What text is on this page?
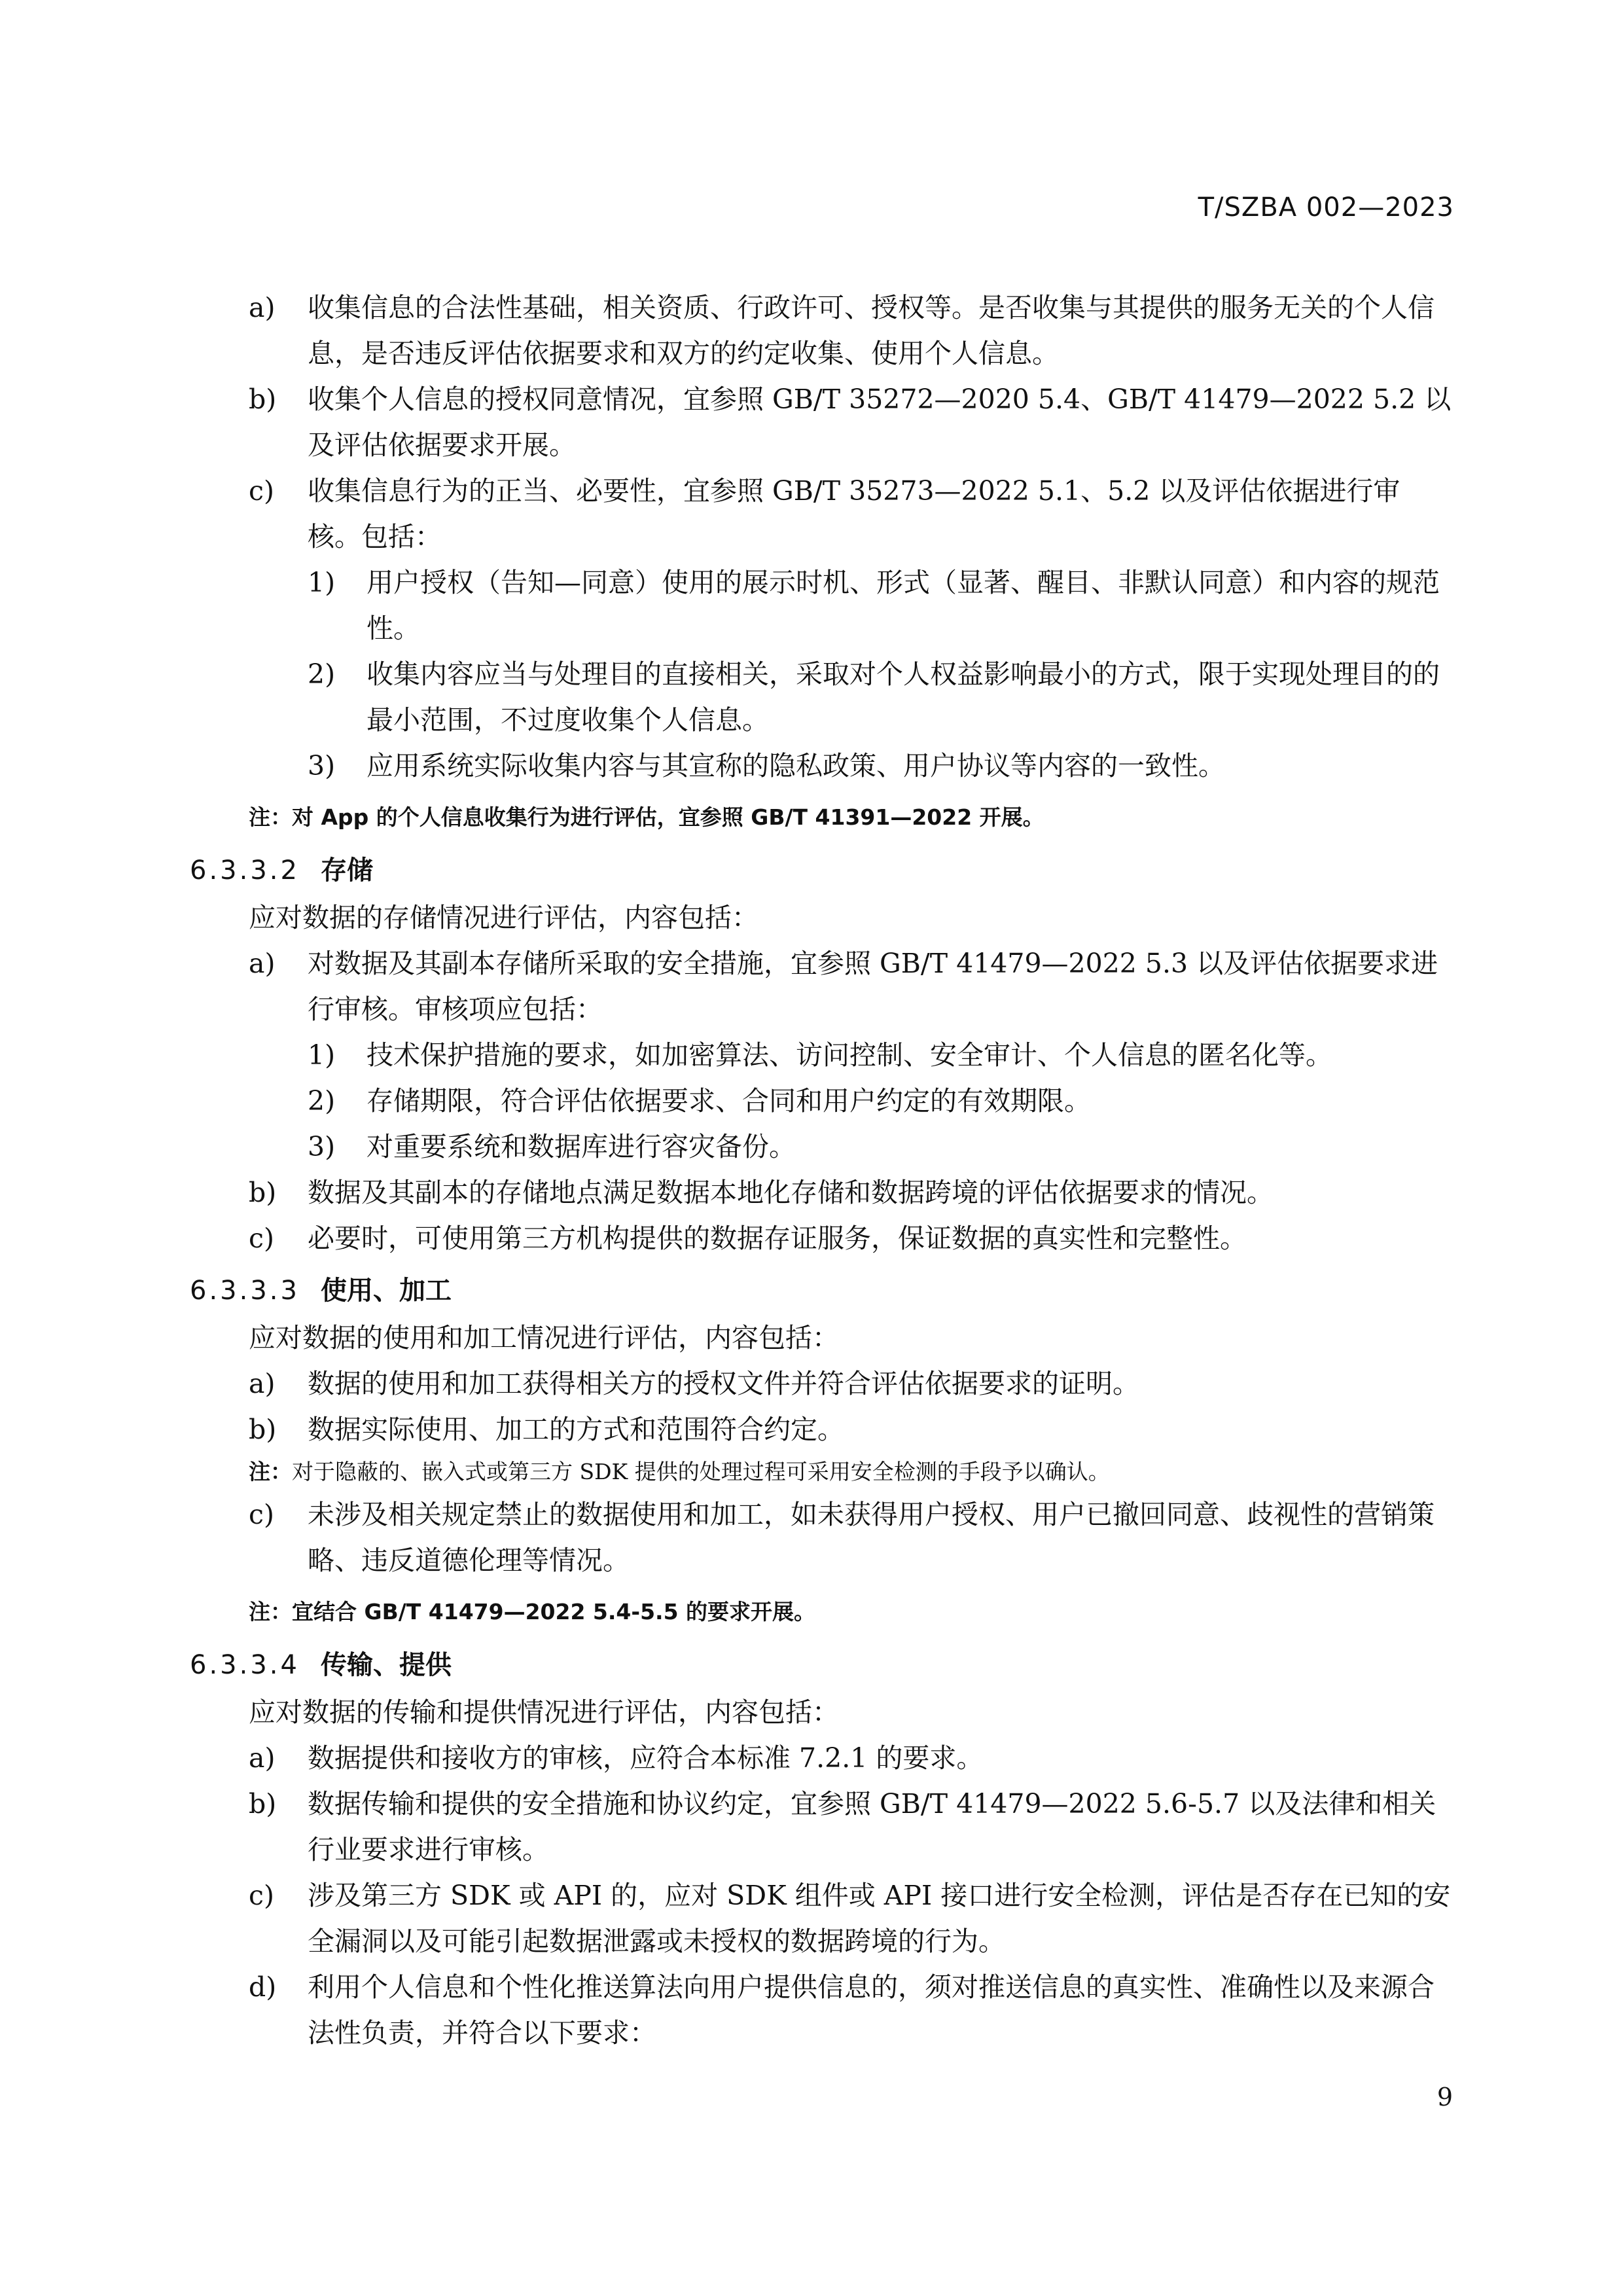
T/SZBA 002—2023
a) 收集信息的合法性基础，相关资质、行政许可、授权等。是否收集与其提供的服务无关的个人信息，是否违反评估依据要求和双方的约定收集、使用个人信息。
b) 收集个人信息的授权同意情况，宜参照 GB/T 35272—2020 5.4、GB/T 41479—2022 5.2 以及评估依据要求开展。
c) 收集信息行为的正当、必要性，宜参照 GB/T 35273—2022 5.1、5.2 以及评估依据进行审核。包括：
1) 用户授权（告知—同意）使用的展示时机、形式（显著、醒目、非默认同意）和内容的规范性。
2) 收集内容应当与处理目的直接相关，采取对个人权益影响最小的方式，限于实现处理目的的最小范围，不过度收集个人信息。
3) 应用系统实际收集内容与其宣称的隐私政策、用户协议等内容的一致性。
注：对 App 的个人信息收集行为进行评估，宜参照 GB/T 41391—2022 开展。
6.3.3.2 存储
应对数据的存储情况进行评估，内容包括：
a) 对数据及其副本存储所采取的安全措施，宜参照 GB/T 41479—2022 5.3 以及评估依据要求进行审核。审核项应包括：
1) 技术保护措施的要求，如加密算法、访问控制、安全审计、个人信息的匿名化等。
2) 存储期限，符合评估依据要求、合同和用户约定的有效期限。
3) 对重要系统和数据库进行容灾备份。
b) 数据及其副本的存储地点满足数据本地化存储和数据跨境的评估依据要求的情况。
c) 必要时，可使用第三方机构提供的数据存证服务，保证数据的真实性和完整性。
6.3.3.3 使用、加工
应对数据的使用和加工情况进行评估，内容包括：
a) 数据的使用和加工获得相关方的授权文件并符合评估依据要求的证明。
b) 数据实际使用、加工的方式和范围符合约定。
注：对于隐蔽的、嵌入式或第三方 SDK 提供的处理过程可采用安全检测的手段予以确认。
c) 未涉及相关规定禁止的数据使用和加工，如未获得用户授权、用户已撤回同意、歧视性的营销策略、违反道德伦理等情况。
注：宜结合 GB/T 41479—2022 5.4-5.5 的要求开展。
6.3.3.4 传输、提供
应对数据的传输和提供情况进行评估，内容包括：
a) 数据提供和接收方的审核，应符合本标准 7.2.1 的要求。
b) 数据传输和提供的安全措施和协议约定，宜参照 GB/T 41479—2022 5.6-5.7 以及法律和相关行业要求进行审核。
c) 涉及第三方 SDK 或 API 的，应对 SDK 组件或 API 接口进行安全检测，评估是否存在已知的安全漏洞以及可能引起数据泄露或未授权的数据跨境的行为。
d) 利用个人信息和个性化推送算法向用户提供信息的，须对推送信息的真实性、准确性以及来源合法性负责，并符合以下要求：
9
